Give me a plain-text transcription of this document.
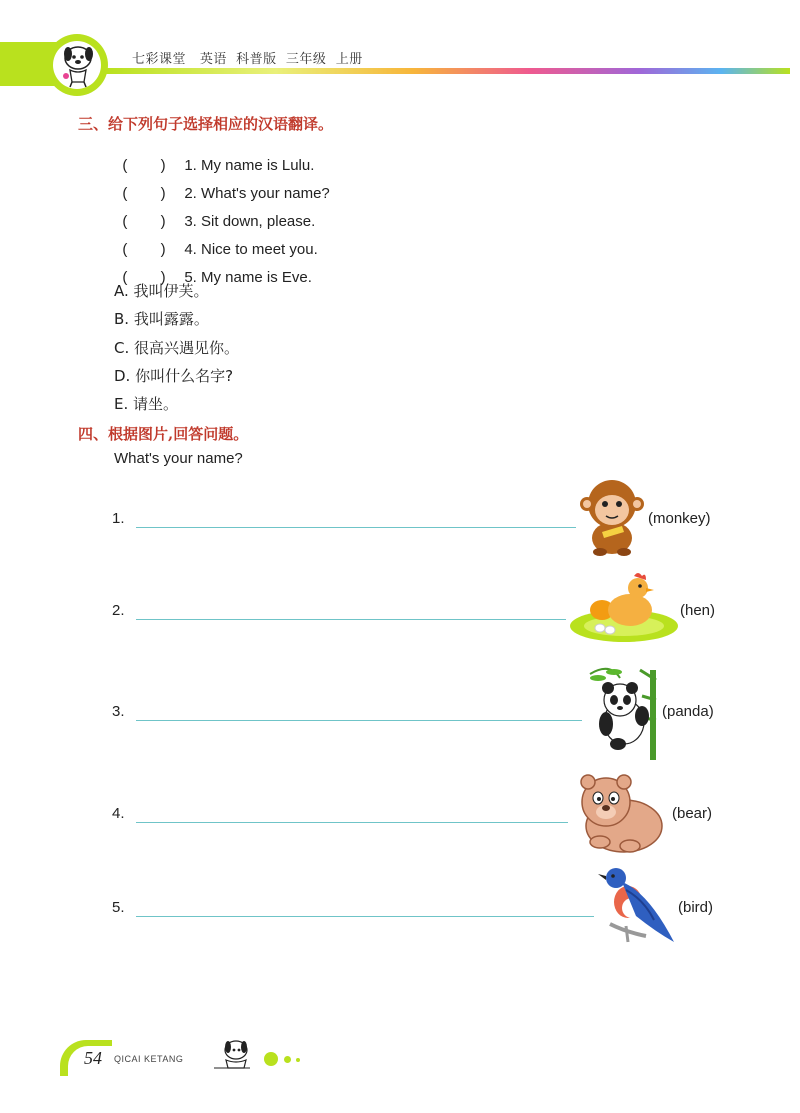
七彩课堂   英语  科普版  三年级  上册
三、给下列句子选择相应的汉语翻译。

(        ) 1. My name is Lulu.

(        ) 2. What's your name?

(        ) 3. Sit down, please.

(        ) 4. Nice to meet you.

(        ) 5. My name is Eve.

A. 我叫伊芙。
B. 我叫露露。
C. 很高兴遇见你。
D. 你叫什么名字?
E. 请坐。
四、根据图片,回答问题。
What's your name?
1.	(monkey)
2.	(hen)
3.	(panda)
4.	(bear)
5.	(bird)
54 QICAI KETANG
